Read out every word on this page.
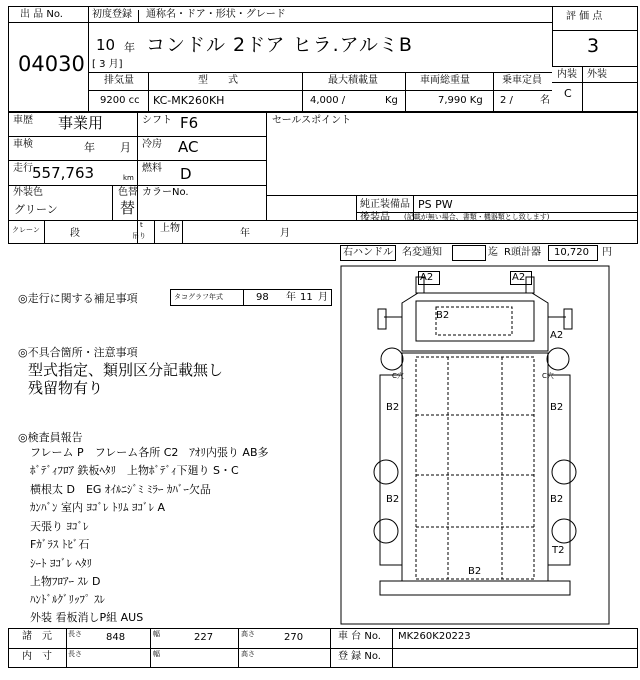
出 品 No.
04030
初度登録 通称名・ドア・形状・グレード
10 年
[ 3 月]
コンドル 2ドア ヒラ.アルミB
評 価 点
3
内装 外装
C
排気量	型　　式	最大積載量	車両総重量	乗車定員
9200 cc KC-MK260KH	4,000 /	Kg	7,990 Kg 2 /	名
車歴 事業用
車検	年 月
走行 557,763	km
シフト F6
冷房 AC
燃料 D
外装色
グリーン
色替
替
カラーNo.
セールスポイント
純正装備品 PS PW
後装品 (記載が無い場合、書類・機器類とし致します)
クレーン	段
t
吊り
上物	年	月
右ハンドル 名変通知	迄 R頭計器 10,720 円
◎走行に関する補足事項	タコグラフ年式	98 年 11 月
◎不具合箇所・注意事項
型式指定、類別区分記載無し
残留物有り
◎検査員報告
フレーム P　フレーム各所 C2　ｱｵﾘ内張り AB多
ﾎﾞﾃﾞｨﾌﾛｱ 鉄板ﾍﾀﾘ　上物ﾎﾞﾃﾞｨ下廻り S・C
横根太 D　EG ｵｲﾙﾆｼﾞﾐ ﾐﾗｰ ｶﾊﾞｰ欠品
ｶﾝﾊﾞﾝ 室内 ﾖｺﾞﾚ ﾄﾘﾑ ﾖｺﾞﾚ A
天張り ﾖｺﾞﾚ
Fｶﾞﾗｽ ﾄﾋﾞ石
ｼｰﾄ ﾖｺﾞﾚ ﾍﾀﾘ
上物ﾌﾛｱｰ ｽﾚ D
ﾊﾝﾄﾞﾙｸﾞﾘｯﾌﾟ ｽﾚ
外装 看板消しP組 AUS
A2	A2
B2
A2
C穴	C穴
B2	B2
B2	B2
T2
B2
諸　元 長さ 848	幅	227	高さ	270	車 台 No. MK260K20223
内　寸 長さ	幅	高さ	登 録 No.
